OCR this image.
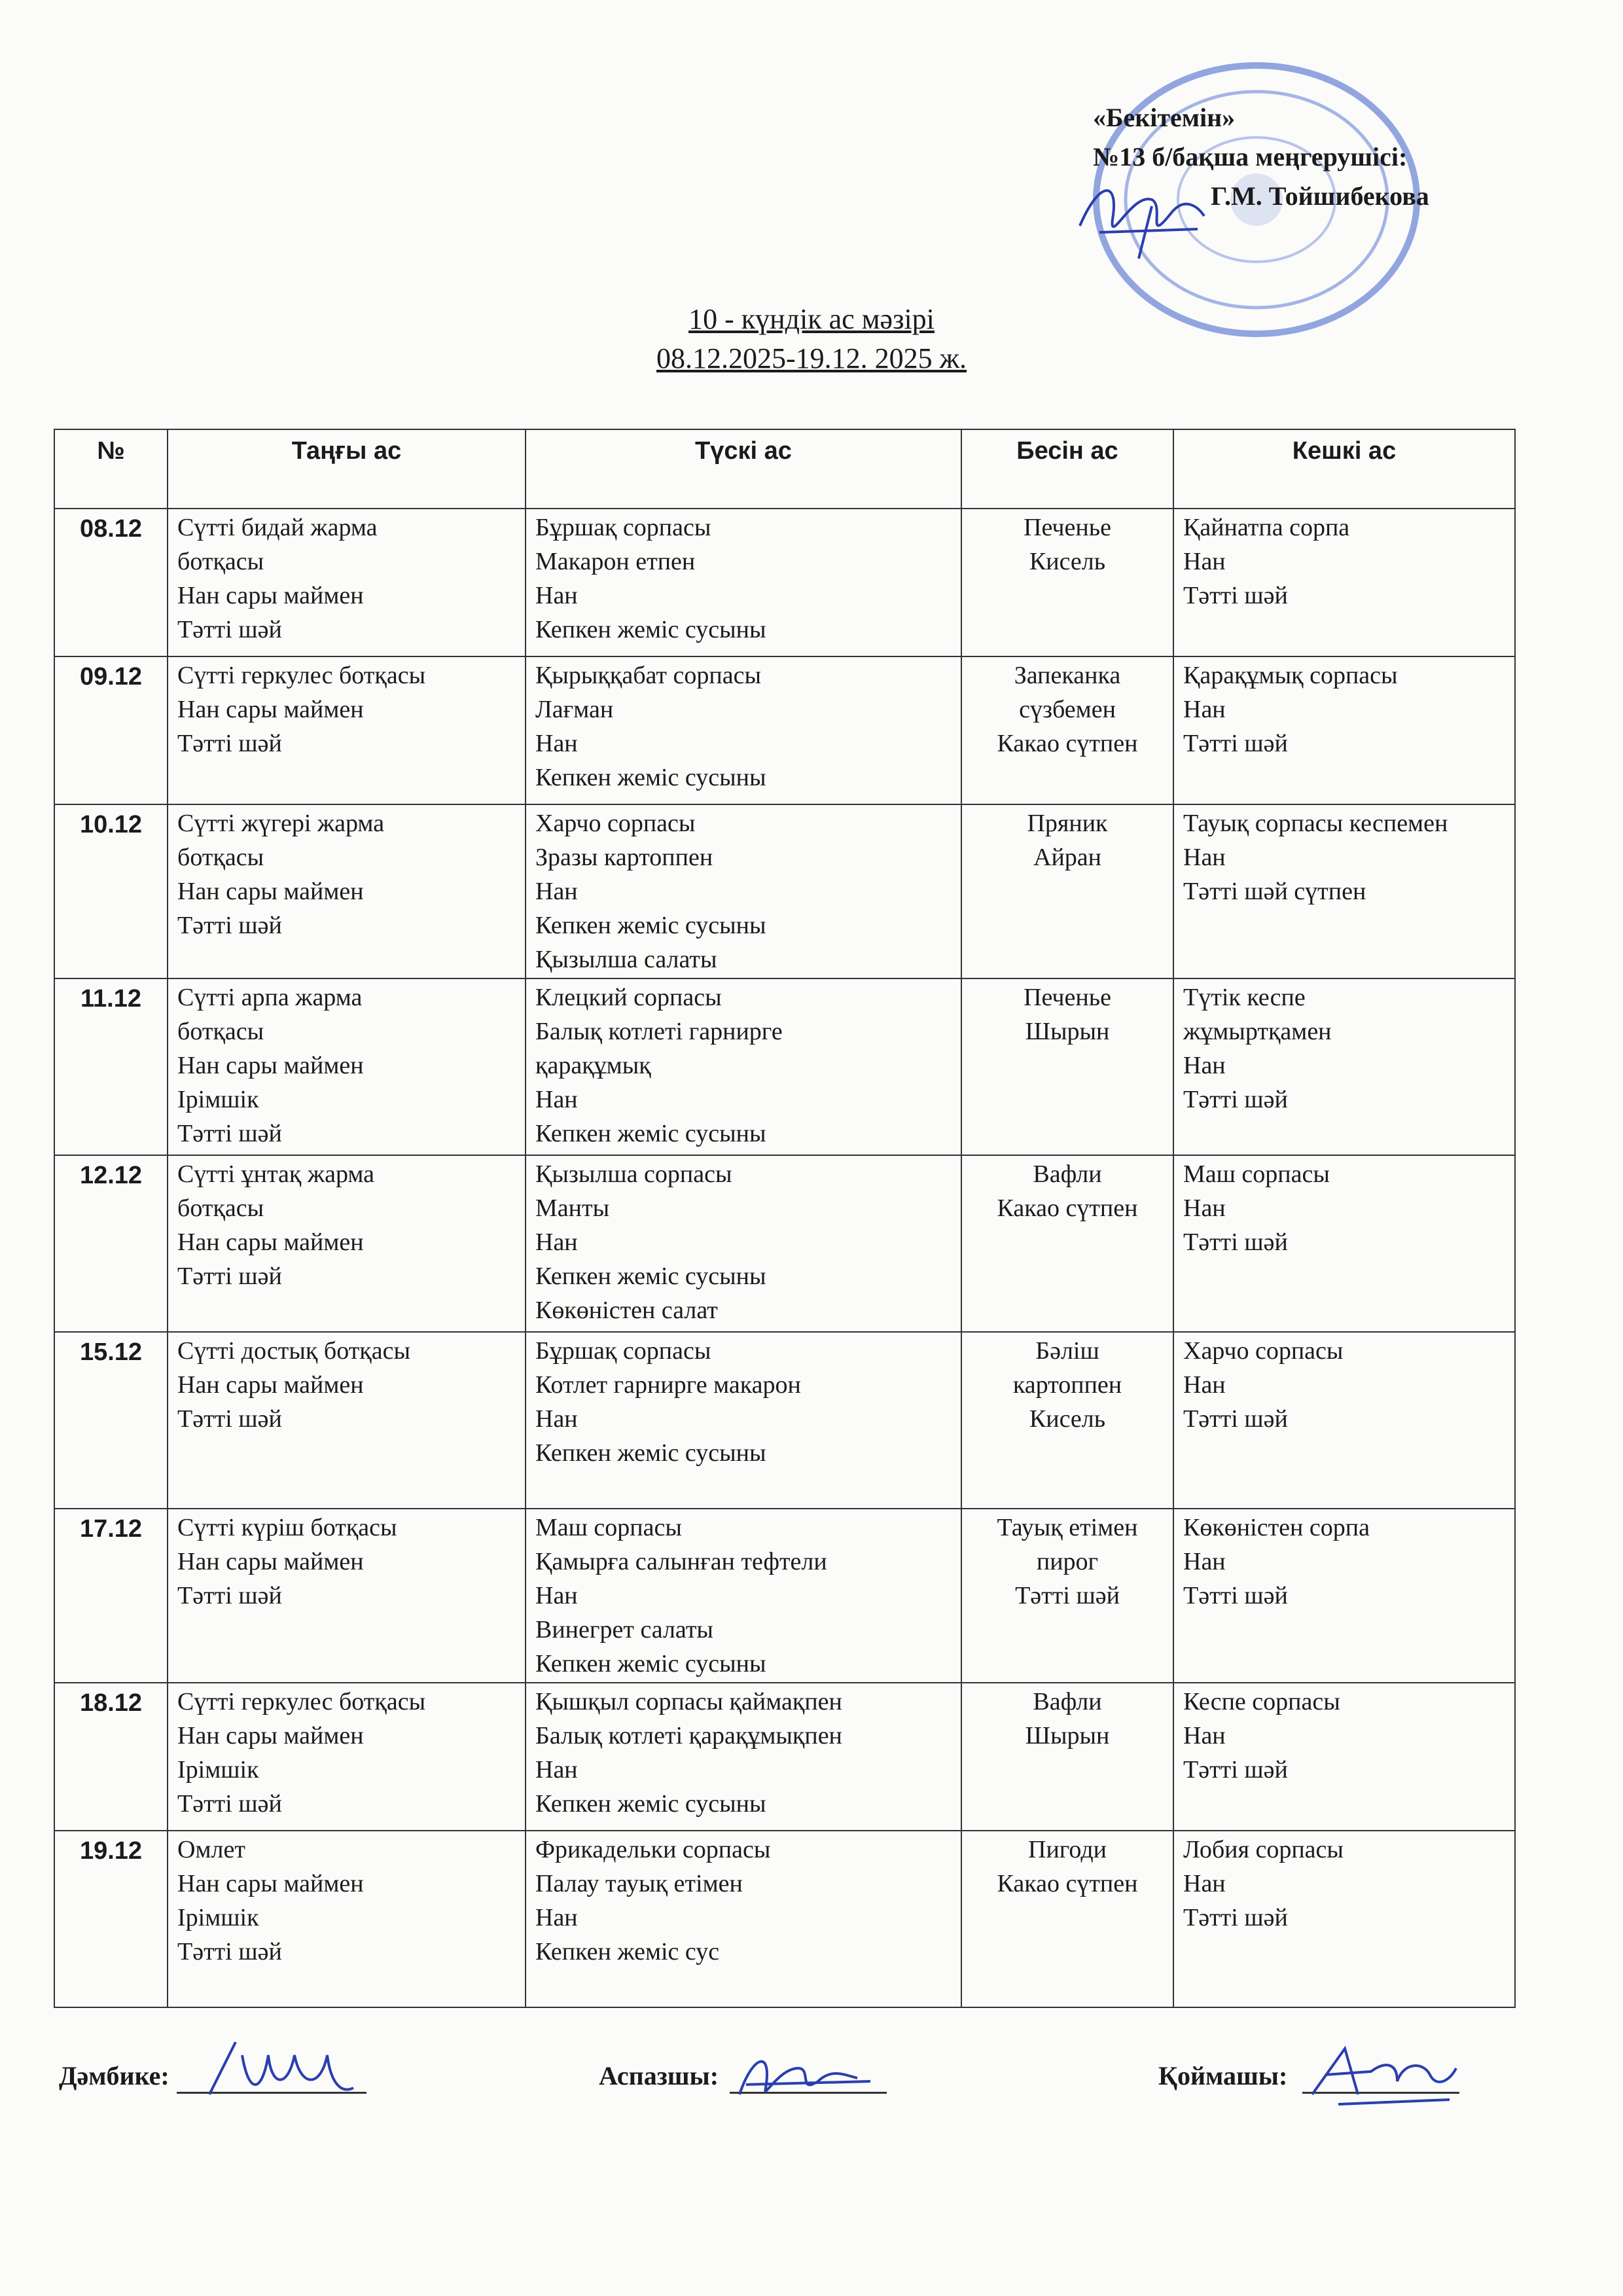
«Бекітемін»
№13 б/бақша меңгерушісі:
Г.М. Тойшибекова
10 - күндік ас мәзірі
08.12.2025-19.12. 2025 ж.
№	Таңғы ас	Түскі ас	Бесін ас	Кешкі ас
08.12	Сүтті бидай жарма
ботқасы
Нан сары маймен
Тәтті шәй	Бұршақ сорпасы
Макарон етпен
Нан
Кепкен жеміс сусыны	Печенье
Кисель	Қайнатпа сорпа
Нан
Тәтті шәй

09.12	Сүтті геркулес ботқасы
Нан сары маймен
Тәтті шәй	Қырыққабат сорпасы
Лағман
Нан
Кепкен жеміс сусыны	Запеканка
сүзбемен
Какао сүтпен	Қарақұмық сорпасы
Нан
Тәтті шәй

10.12	Сүтті жүгері жарма
ботқасы
Нан сары маймен
Тәтті шәй	Харчо сорпасы
Зразы картоппен
Нан
Кепкен жеміс сусыны
Қызылша салаты	Пряник
Айран	Тауық сорпасы кеспемен
Нан
Тәтті шәй сүтпен

11.12	Сүтті арпа жарма
ботқасы
Нан сары маймен
Ірімшік
Тәтті шәй	Клецкий сорпасы
Балық котлеті гарнирге
қарақұмық
Нан
Кепкен жеміс сусыны	Печенье
Шырын	Түтік кеспе
жұмыртқамен
Нан
Тәтті шәй

12.12	Сүтті ұнтақ жарма
ботқасы
Нан сары маймен
Тәтті шәй	Қызылша сорпасы
Манты
Нан
Кепкен жеміс сусыны
Көкөністен салат	Вафли
Какао сүтпен	Маш сорпасы
Нан
Тәтті шәй

15.12	Сүтті достық ботқасы
Нан сары маймен
Тәтті шәй	Бұршақ сорпасы
Котлет гарнирге макарон
Нан
Кепкен жеміс сусыны	Бәліш
картоппен
Кисель	Харчо сорпасы
Нан
Тәтті шәй

17.12	Сүтті күріш ботқасы
Нан сары маймен
Тәтті шәй	Маш сорпасы
Қамырға салынған тефтели
Нан
Винегрет салаты
Кепкен жеміс сусыны	Тауық етімен
пирог
Тәтті шәй	Көкөністен сорпа
Нан
Тәтті шәй

18.12	Сүтті геркулес ботқасы
Нан сары маймен
Ірімшік
Тәтті шәй	Қышқыл сорпасы қаймақпен
Балық котлеті қарақұмықпен
Нан
Кепкен жеміс сусыны	Вафли
Шырын	Кеспе сорпасы
Нан
Тәтті шәй

19.12	Омлет
Нан сары маймен
Ірімшік
Тәтті шәй	Фрикадельки сорпасы
Палау тауық етімен
Нан
Кепкен жеміс сус	Пигоди
Какао сүтпен	Лобия сорпасы
Нан
Тәтті шәй
Дәмбике:	Аспазшы:	Қоймашы:
